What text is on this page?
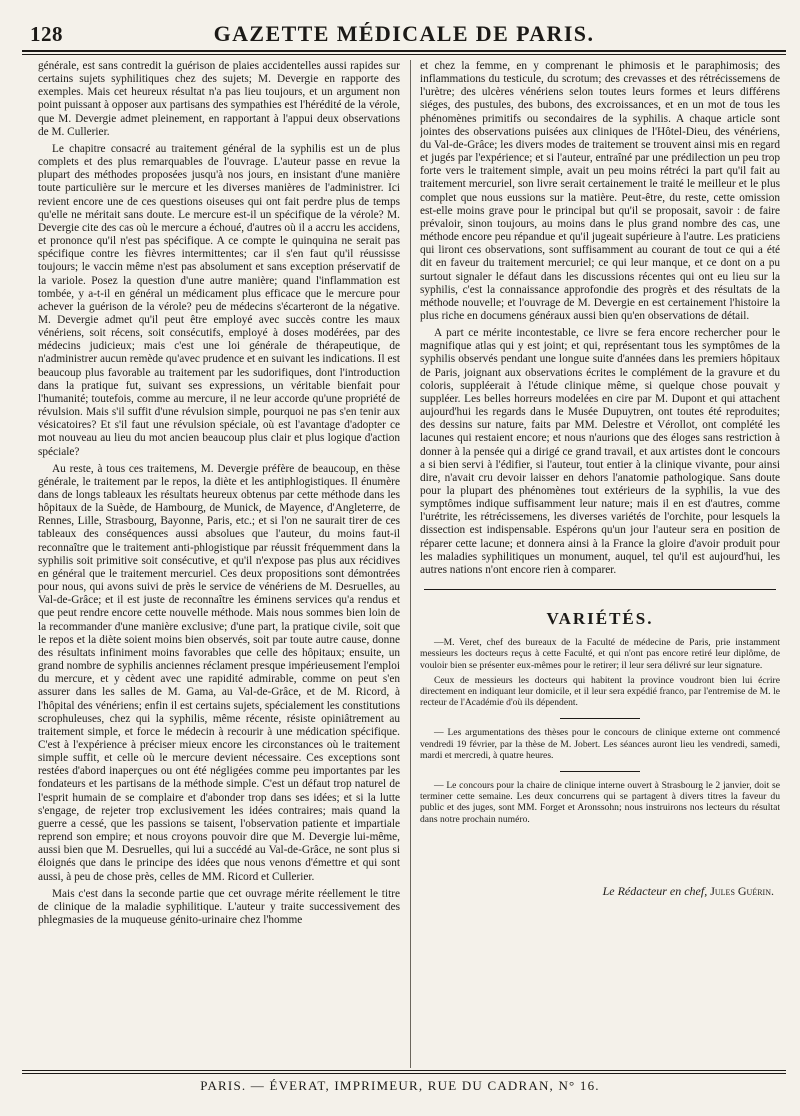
128	GAZETTE MÉDICALE DE PARIS.

générale, est sans contredit la guérison de plaies accidentelles aussi rapides sur certains sujets syphilitiques chez des sujets; M. Devergie en rapporte des exemples. Mais cet heureux résultat n'a pas lieu toujours, et un argument non point puissant à opposer aux partisans des sympathies est l'hérédité de la vérole, que M. Devergie admet pleinement, en rapportant à l'appui deux observations de M. Cullerier.

Le chapitre consacré au traitement général de la syphilis est un de plus complets et des plus remarquables de l'ouvrage. L'auteur passe en revue la plupart des méthodes proposées jusqu'à nos jours, en insistant d'une manière toute particulière sur le mercure et les diverses manières de l'administrer. Ici revient encore une de ces questions oiseuses qui ont fait perdre plus de temps qu'elle ne méritait sans doute. Le mercure est-il un spécifique de la vérole? M. Devergie cite des cas où le mercure a échoué, d'autres où il a accru les accidens, et prononce qu'il n'est pas spécifique. A ce compte le quinquina ne serait pas spécifique contre les fièvres intermittentes; car il s'en faut qu'il réussisse toujours; le vaccin même n'est pas absolument et sans exception préservatif de la variole. Posez la question d'une autre manière; quand l'inflammation est tombée, y a-t-il en général un médicament plus efficace que le mercure pour achever la guérison de la vérole? peu de médecins s'écarteront de la négative. M. Devergie admet qu'il peut être employé avec succès contre les maux vénériens, soit récens, soit consécutifs, employé à doses modérées, par des médecins judicieux; mais c'est une loi générale de thérapeutique, de n'administrer aucun remède qu'avec prudence et en suivant les indications. Il est beaucoup plus favorable au traitement par les sudorifiques, dont l'introduction dans la pratique fut, suivant ses expressions, un véritable bienfait pour l'humanité; toutefois, comme au mercure, il ne leur accorde qu'une propriété de révulsion. Mais s'il suffit d'une révulsion simple, pourquoi ne pas s'en tenir aux vésicatoires? Et s'il faut une révulsion spéciale, où est l'avantage d'adopter ce mot nouveau au lieu du mot ancien beaucoup plus clair et plus logique d'action spéciale?

Au reste, à tous ces traitemens, M. Devergie préfère de beaucoup, en thèse générale, le traitement par le repos, la diète et les antiphlogistiques. Il énumère dans de longs tableaux les résultats heureux obtenus par cette méthode dans les hôpitaux de la Suède, de Hambourg, de Munick, de Mayence, d'Angleterre, de Rennes, Lille, Strasbourg, Bayonne, Paris, etc.; et si l'on ne saurait tirer de ces tableaux des conséquences aussi absolues que l'auteur, du moins faut-il reconnaître que le traitement anti-phlogistique par réussit fréquemment dans la syphilis soit primitive soit consécutive, et qu'il n'expose pas plus aux récidives en général que le traitement mercuriel. Ces deux propositions sont démontrées pour nous, qui avons suivi de près le service de vénériens de M. Desruelles, au Val-de-Grâce; et il est juste de reconnaître les éminens services qu'a rendus et que peut rendre encore cette nouvelle méthode. Mais nous sommes bien loin de la recommander d'une manière exclusive; d'une part, la pratique civile, soit que le repos et la diète soient moins bien observés, soit par toute autre cause, donne des résultats infiniment moins favorables que celle des hôpitaux; ensuite, un grand nombre de syphilis anciennes réclament presque impérieusement l'emploi du mercure, et y cèdent avec une rapidité admirable, comme on peut s'en assurer dans les salles de M. Gama, au Val-de-Grâce, et de M. Ricord, à l'hôpital des vénériens; enfin il est certains sujets, spécialement les constitutions scrophuleuses, chez qui la syphilis, même récente, résiste opiniâtrement au traitement simple, et force le médecin à recourir à une médication spécifique. C'est à l'expérience à préciser mieux encore les circonstances où le traitement simple suffit, et celle où le mercure devient nécessaire. Ces exceptions sont restées d'abord inaperçues ou ont été négligées comme peu importantes par les fondateurs et les partisans de la méthode simple. C'est un défaut trop naturel de l'esprit humain de se complaire et d'abonder trop dans ses idées; et si la lutte s'engage, de rejeter trop exclusivement les idées contraires; mais quand la guerre a cessé, que les passions se taisent, l'observation patiente et impartiale reprend son empire; et nous croyons pouvoir dire que M. Devergie lui-même, aussi bien que M. Desruelles, qui lui a succédé au Val-de-Grâce, ne sont plus si éloignés que dans le principe des idées que nous venons d'émettre et qui sont aussi, à peu de chose près, celles de MM. Ricord et Cullerier.

Mais c'est dans la seconde partie que cet ouvrage mérite réellement le titre de clinique de la maladie syphilitique. L'auteur y traite successivement des phlegmasies de la muqueuse génito-urinaire chez l'homme

et chez la femme, en y comprenant le phimosis et le paraphimosis; des inflammations du testicule, du scrotum; des crevasses et des rétrécissemens de l'urètre; des ulcères vénériens selon toutes leurs formes et leurs différens siéges, des pustules, des bubons, des excroissances, et en un mot de tous les phénomènes primitifs ou secondaires de la syphilis. A chaque article sont jointes des observations puisées aux cliniques de l'Hôtel-Dieu, des vénériens, du Val-de-Grâce; les divers modes de traitement se trouvent ainsi mis en regard et jugés par l'expérience; et si l'auteur, entraîné par une prédilection un peu trop forte vers le traitement simple, avait un peu moins rétréci la part qu'il fait au traitement mercuriel, son livre serait certainement le traité le meilleur et le plus complet que nous eussions sur la matière. Peut-être, du reste, cette omission est-elle moins grave pour le principal but qu'il se proposait, savoir : de faire prévaloir, sinon toujours, au moins dans le plus grand nombre des cas, une méthode encore peu répandue et qu'il jugeait supérieure à l'autre. Les praticiens qui liront ces observations, sont suffisamment au courant de tout ce qui a été dit en faveur du traitement mercuriel; ce qui leur manque, et ce dont on a pu surtout signaler le défaut dans les discussions récentes qui ont eu lieu sur la syphilis, c'est la connaissance approfondie des progrès et des résultats de la méthode nouvelle; et l'ouvrage de M. Devergie en est certainement l'histoire la plus riche en documens généraux aussi bien qu'en observations de détail.

A part ce mérite incontestable, ce livre se fera encore rechercher pour le magnifique atlas qui y est joint; et qui, représentant tous les symptômes de la syphilis observés pendant une longue suite d'années dans les premiers hôpitaux de Paris, joignant aux observations écrites le complément de la gravure et du coloris, suppléerait à l'étude clinique même, si quelque chose pouvait y suppléer. Les belles horreurs modelées en cire par M. Dupont et qui attachent aujourd'hui les regards dans le Musée Dupuytren, ont toutes été reproduites; des dessins sur nature, faits par MM. Delestre et Vérollot, ont complété les lacunes qui restaient encore; et nous n'aurions que des éloges sans restriction à donner à la pensée qui a dirigé ce grand travail, et aux artistes dont le concours a si bien servi à l'édifier, si l'auteur, tout entier à la clinique vivante, pour ainsi dire, n'avait cru devoir laisser en dehors l'anatomie pathologique. Sans doute pour la plupart des phénomènes tout extérieurs de la syphilis, la vue des symptômes indique suffisamment leur nature; mais il en est d'autres, comme l'urétrite, les rétrécissemens, les diverses variétés de l'orchite, pour lesquels la dissection est indispensable. Espérons qu'un jour l'auteur sera en position de réparer cette lacune; et donnera ainsi à la France la gloire d'avoir produit pour les maladies syphilitiques un monument, auquel, tel qu'il est aujourd'hui, les autres nations n'ont encore rien à comparer.

VARIÉTÉS.

—M. Veret, chef des bureaux de la Faculté de médecine de Paris, prie instamment messieurs les docteurs reçus à cette Faculté, et qui n'ont pas encore retiré leur diplôme, de vouloir bien se présenter eux-mêmes pour le retirer; il leur sera délivré sur leur signature.

Ceux de messieurs les docteurs qui habitent la province voudront bien lui écrire directement en indiquant leur domicile, et il leur sera expédié franco, par l'entremise de M. le recteur de l'Académie d'où ils dépendent.

— Les argumentations des thèses pour le concours de clinique externe ont commencé vendredi 19 février, par la thèse de M. Jobert. Les séances auront lieu les vendredi, samedi, mardi et mercredi, à quatre heures.

— Le concours pour la chaire de clinique interne ouvert à Strasbourg le 2 janvier, doit se terminer cette semaine. Les deux concurrens qui se partagent à divers titres la faveur du public et des juges, sont MM. Forget et Aronssohn; nous instruirons nos lecteurs du résultat dans notre prochain numéro.

Le Rédacteur en chef, Jules Guérin.
PARIS. — ÉVERAT, IMPRIMEUR, RUE DU CADRAN, N° 16.
